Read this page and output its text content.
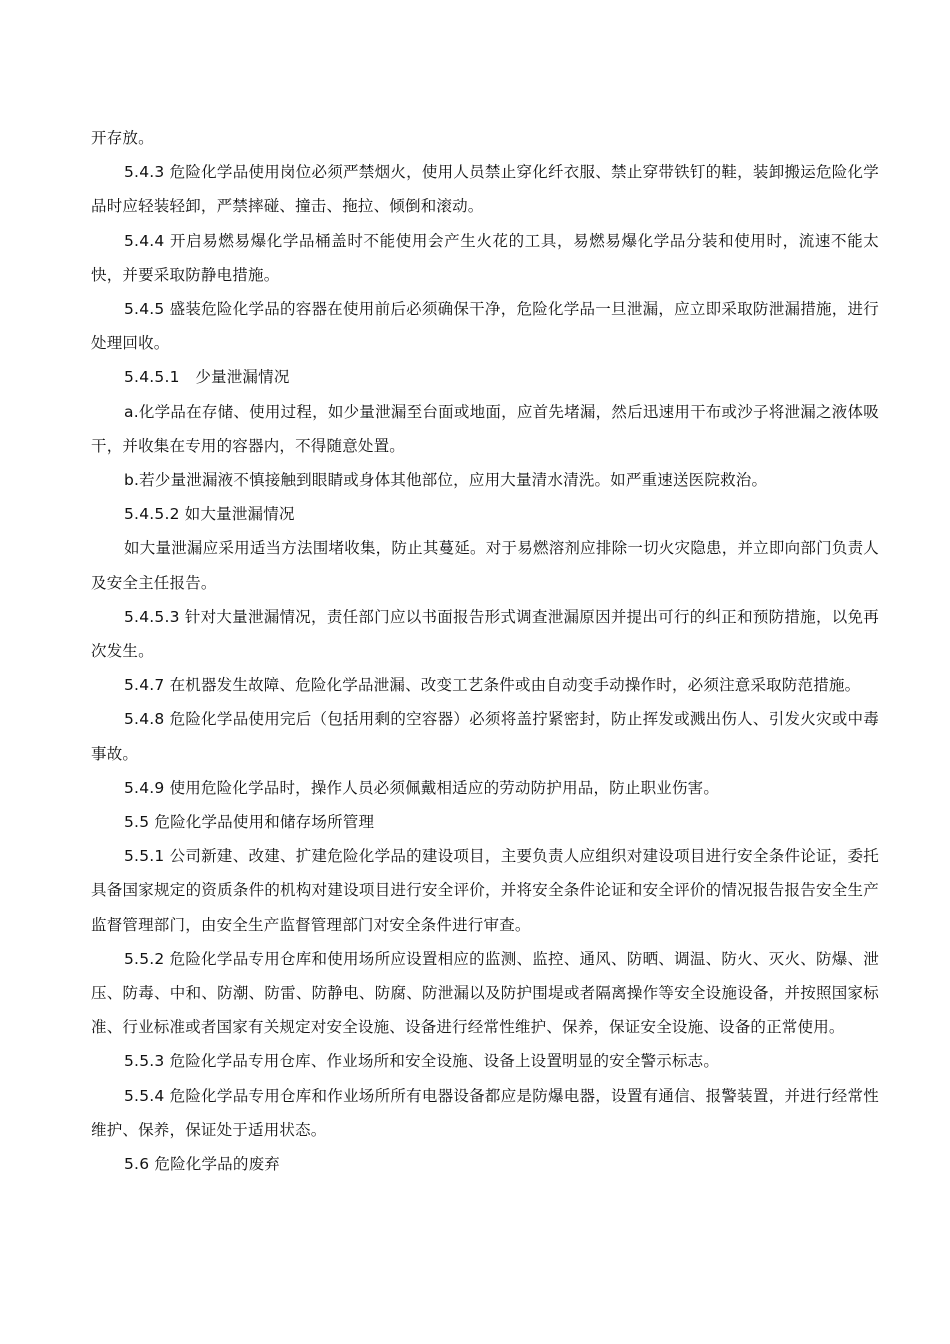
开存放。

5.4.3 危险化学品使用岗位必须严禁烟火，使用人员禁止穿化纤衣服、禁止穿带铁钉的鞋，装卸搬运危险化学品时应轻装轻卸，严禁摔碰、撞击、拖拉、倾倒和滚动。

5.4.4 开启易燃易爆化学品桶盖时不能使用会产生火花的工具，易燃易爆化学品分装和使用时，流速不能太快，并要采取防静电措施。

5.4.5 盛装危险化学品的容器在使用前后必须确保干净，危险化学品一旦泄漏，应立即采取防泄漏措施，进行处理回收。

5.4.5.1　少量泄漏情况

a.化学品在存储、使用过程，如少量泄漏至台面或地面，应首先堵漏，然后迅速用干布或沙子将泄漏之液体吸干，并收集在专用的容器内，不得随意处置。

b.若少量泄漏液不慎接触到眼睛或身体其他部位，应用大量清水清洗。如严重速送医院救治。

5.4.5.2 如大量泄漏情况

如大量泄漏应采用适当方法围堵收集，防止其蔓延。对于易燃溶剂应排除一切火灾隐患，并立即向部门负责人及安全主任报告。

5.4.5.3 针对大量泄漏情况，责任部门应以书面报告形式调查泄漏原因并提出可行的纠正和预防措施，以免再次发生。

5.4.7 在机器发生故障、危险化学品泄漏、改变工艺条件或由自动变手动操作时，必须注意采取防范措施。

5.4.8 危险化学品使用完后（包括用剩的空容器）必须将盖拧紧密封，防止挥发或溅出伤人、引发火灾或中毒事故。

5.4.9 使用危险化学品时，操作人员必须佩戴相适应的劳动防护用品，防止职业伤害。

5.5 危险化学品使用和储存场所管理

5.5.1 公司新建、改建、扩建危险化学品的建设项目，主要负责人应组织对建设项目进行安全条件论证，委托具备国家规定的资质条件的机构对建设项目进行安全评价，并将安全条件论证和安全评价的情况报告报告安全生产监督管理部门，由安全生产监督管理部门对安全条件进行审查。

5.5.2 危险化学品专用仓库和使用场所应设置相应的监测、监控、通风、防晒、调温、防火、灭火、防爆、泄压、防毒、中和、防潮、防雷、防静电、防腐、防泄漏以及防护围堤或者隔离操作等安全设施设备，并按照国家标准、行业标准或者国家有关规定对安全设施、设备进行经常性维护、保养，保证安全设施、设备的正常使用。

5.5.3 危险化学品专用仓库、作业场所和安全设施、设备上设置明显的安全警示标志。

5.5.4 危险化学品专用仓库和作业场所所有电器设备都应是防爆电器，设置有通信、报警装置，并进行经常性维护、保养，保证处于适用状态。

5.6 危险化学品的废弃
